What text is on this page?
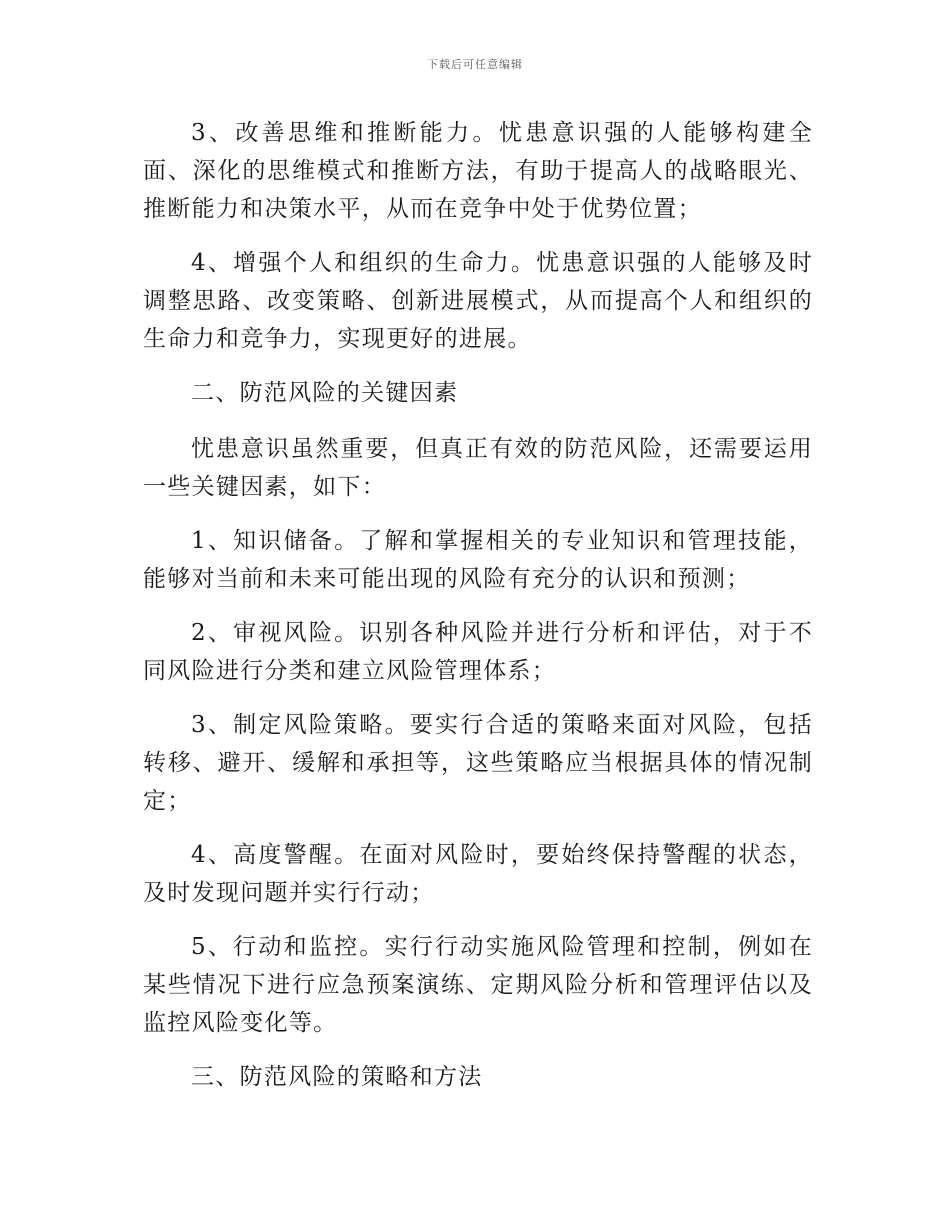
下载后可任意编辑

3、改善思维和推断能力。忧患意识强的人能够构建全面、深化的思维模式和推断方法，有助于提高人的战略眼光、推断能力和决策水平，从而在竞争中处于优势位置；

4、增强个人和组织的生命力。忧患意识强的人能够及时调整思路、改变策略、创新进展模式，从而提高个人和组织的生命力和竞争力，实现更好的进展。

二、防范风险的关键因素

忧患意识虽然重要，但真正有效的防范风险，还需要运用一些关键因素，如下：

1、知识储备。了解和掌握相关的专业知识和管理技能，能够对当前和未来可能出现的风险有充分的认识和预测；

2、审视风险。识别各种风险并进行分析和评估，对于不同风险进行分类和建立风险管理体系；

3、制定风险策略。要实行合适的策略来面对风险，包括转移、避开、缓解和承担等，这些策略应当根据具体的情况制定；

4、高度警醒。在面对风险时，要始终保持警醒的状态，及时发现问题并实行行动；

5、行动和监控。实行行动实施风险管理和控制，例如在某些情况下进行应急预案演练、定期风险分析和管理评估以及监控风险变化等。

三、防范风险的策略和方法
